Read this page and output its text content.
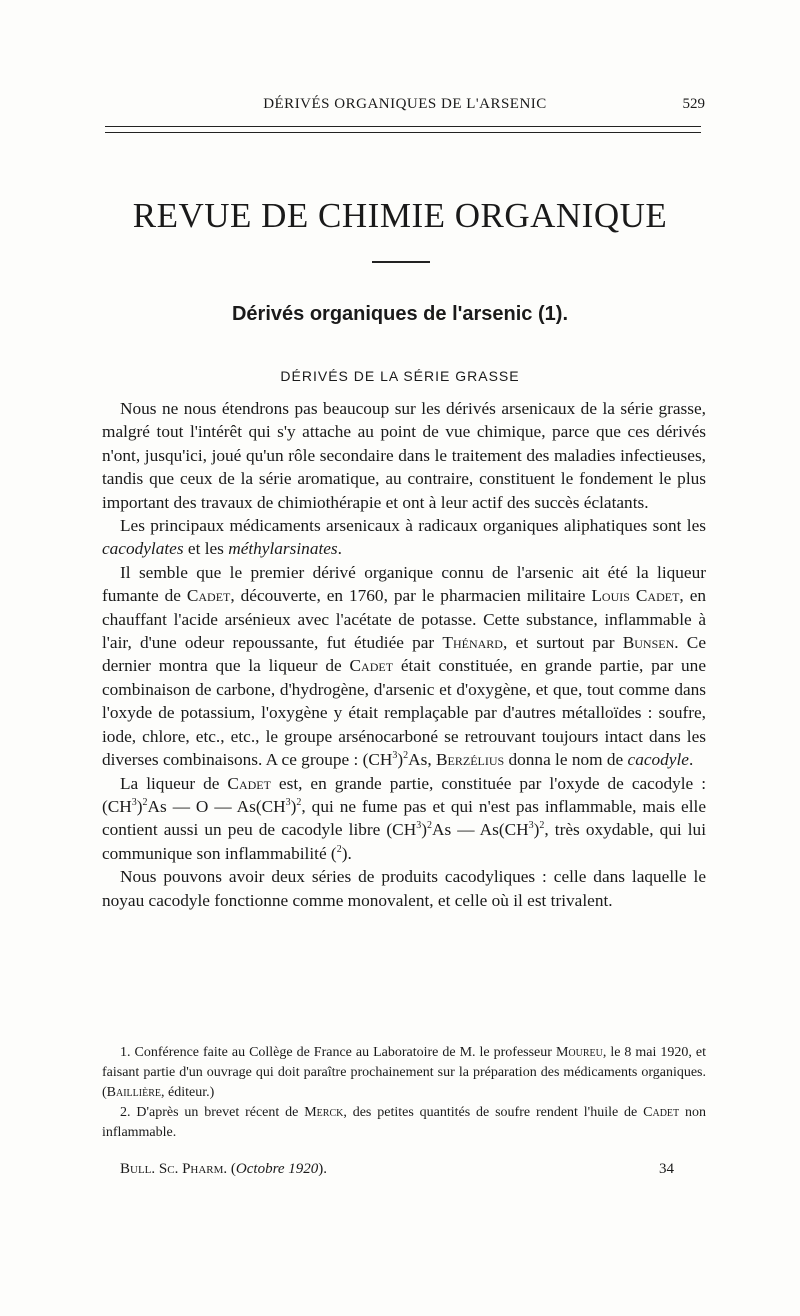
DÉRIVÉS ORGANIQUES DE L'ARSENIC	529
REVUE DE CHIMIE ORGANIQUE
Dérivés organiques de l'arsenic (1).
DÉRIVÉS DE LA SÉRIE GRASSE

Nous ne nous étendrons pas beaucoup sur les dérivés arsenicaux de la série grasse, malgré tout l'intérêt qui s'y attache au point de vue chimique, parce que ces dérivés n'ont, jusqu'ici, joué qu'un rôle secondaire dans le traitement des maladies infectieuses, tandis que ceux de la série aromatique, au contraire, constituent le fondement le plus important des travaux de chimiothérapie et ont à leur actif des succès éclatants.

Les principaux médicaments arsenicaux à radicaux organiques aliphatiques sont les cacodylates et les méthylarsinates.

Il semble que le premier dérivé organique connu de l'arsenic ait été la liqueur fumante de Cadet, découverte, en 1760, par le pharmacien militaire Louis Cadet, en chauffant l'acide arsénieux avec l'acétate de potasse. Cette substance, inflammable à l'air, d'une odeur repoussante, fut étudiée par Thénard, et surtout par Bunsen. Ce dernier montra que la liqueur de Cadet était constituée, en grande partie, par une combinaison de carbone, d'hydrogène, d'arsenic et d'oxygène, et que, tout comme dans l'oxyde de potassium, l'oxygène y était remplaçable par d'autres métalloïdes : soufre, iode, chlore, etc., etc., le groupe arsénocarboné se retrouvant toujours intact dans les diverses combinaisons. A ce groupe : $(CH^3)^2As$, Berzélius donna le nom de cacodyle.

La liqueur de Cadet est, en grande partie, constituée par l'oxyde de cacodyle : $(CH^3)^2As$ — O — $As(CH^3)^2$, qui ne fume pas et qui n'est pas inflammable, mais elle contient aussi un peu de cacodyle libre $(CH^3)^2As$ — $As(CH^3)^2$, très oxydable, qui lui communique son inflammabilité ($^2$).

Nous pouvons avoir deux séries de produits cacodyliques : celle dans laquelle le noyau cacodyle fonctionne comme monovalent, et celle où il est trivalent.

1. Conférence faite au Collège de France au Laboratoire de M. le professeur Moureu, le 8 mai 1920, et faisant partie d'un ouvrage qui doit paraître prochainement sur la préparation des médicaments organiques. (Baillière, éditeur.)

2. D'après un brevet récent de Merck, des petites quantités de soufre rendent l'huile de Cadet non inflammable.

Bull. Sc. Pharm. (Octobre 1920).	34
